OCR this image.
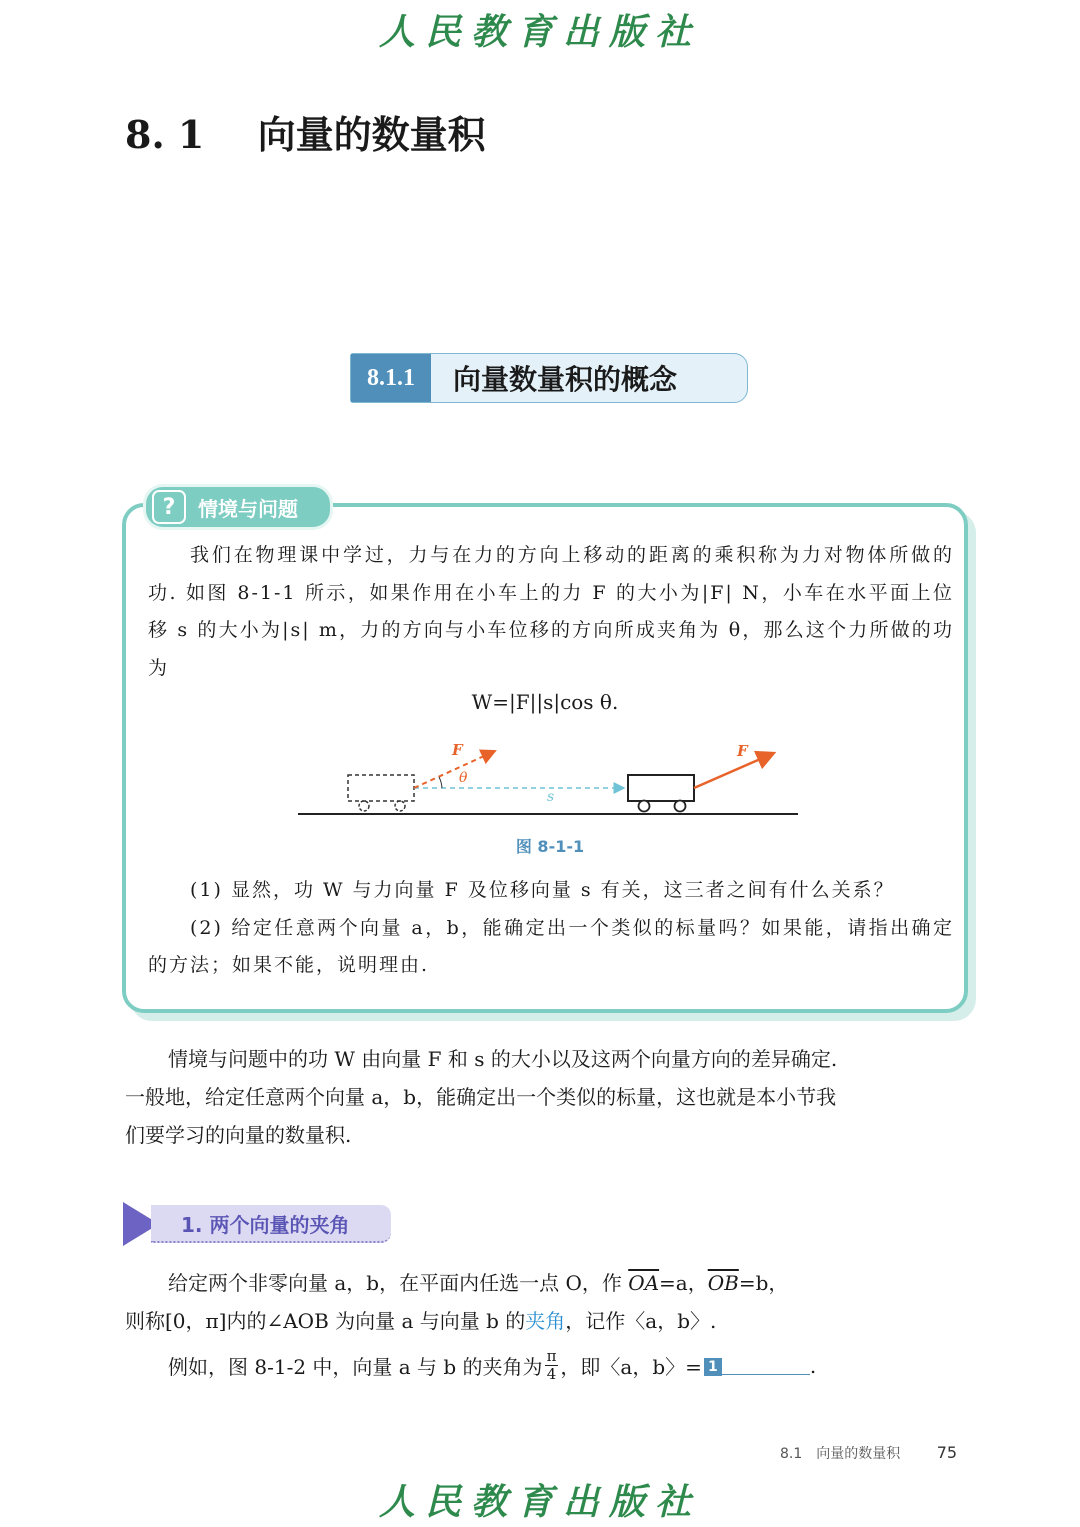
人民教育出版社
8. 1 向量的数量积
8.1.1	向量数量积的概念
?	情境与问题

我们在物理课中学过，力与在力的方向上移动的距离的乘积称为力对物体所做的功. 如图 8-1-1 所示，如果作用在小车上的力 F 的大小为|F| N，小车在水平面上位移 s 的大小为|s| m，力的方向与小车位移的方向所成夹角为 θ，那么这个力所做的功为

W=|F||s|cos θ.
F
θ
s
F
图 8-1-1

(1) 显然，功 W 与力向量 F 及位移向量 s 有关，这三者之间有什么关系？

(2) 给定任意两个向量 a，b，能确定出一个类似的标量吗？如果能，请指出确定的方法；如果不能，说明理由.

情境与问题中的功 W 由向量 F 和 s 的大小以及这两个向量方向的差异确定. 一般地，给定任意两个向量 a，b，能确定出一个类似的标量，这也就是本小节我们要学习的向量的数量积.

1. 两个向量的夹角

给定两个非零向量 a，b，在平面内任选一点 O，作 $\overline{OA}=a$，$\overline{OB}=b$，

则称[0，π]内的∠AOB 为向量 a 与向量 b 的夹角，记作〈a，b〉.

例如，图 8-1-2 中，向量 a 与 b 的夹角为 $\frac{\pi}{4}$ ，即〈a，b〉= 1	.
8.1　向量的数量积 75
人民教育出版社
